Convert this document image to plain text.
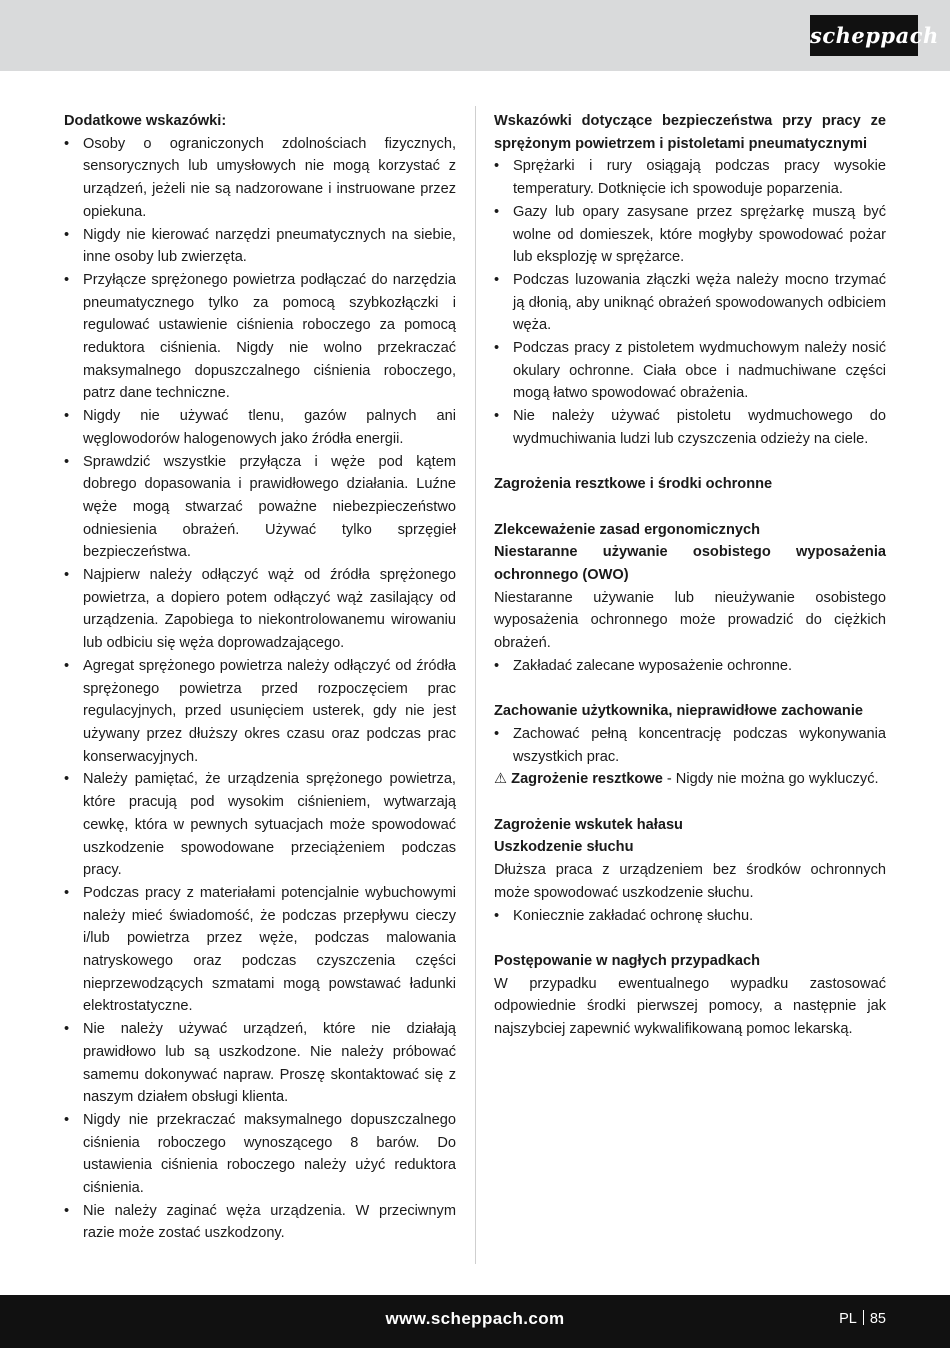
scheppach

Dodatkowe wskazówki:

• Osoby o ograniczonych zdolnościach fizycznych, sensorycznych lub umysłowych nie mogą korzystać z urządzeń, jeżeli nie są nadzorowane i instruowane przez opiekuna.
• Nigdy nie kierować narzędzi pneumatycznych na siebie, inne osoby lub zwierzęta.
• Przyłącze sprężonego powietrza podłączać do narzędzia pneumatycznego tylko za pomocą szybkozłączki i regulować ustawienie ciśnienia roboczego za pomocą reduktora ciśnienia. Nigdy nie wolno przekraczać maksymalnego dopuszczalnego ciśnienia roboczego, patrz dane techniczne.
• Nigdy nie używać tlenu, gazów palnych ani węglowodorów halogenowych jako źródła energii.
• Sprawdzić wszystkie przyłącza i węże pod kątem dobrego dopasowania i prawidłowego działania. Luźne węże mogą stwarzać poważne niebezpieczeństwo odniesienia obrażeń. Używać tylko sprzęgieł bezpieczeństwa.
• Najpierw należy odłączyć wąż od źródła sprężonego powietrza, a dopiero potem odłączyć wąż zasilający od urządzenia. Zapobiega to niekontrolowanemu wirowaniu lub odbiciu się węża doprowadzającego.
• Agregat sprężonego powietrza należy odłączyć od źródła sprężonego powietrza przed rozpoczęciem prac regulacyjnych, przed usunięciem usterek, gdy nie jest używany przez dłuższy okres czasu oraz podczas prac konserwacyjnych.
• Należy pamiętać, że urządzenia sprężonego powietrza, które pracują pod wysokim ciśnieniem, wytwarzają cewkę, która w pewnych sytuacjach może spowodować uszkodzenie spowodowane przeciążeniem podczas pracy.
• Podczas pracy z materiałami potencjalnie wybuchowymi należy mieć świadomość, że podczas przepływu cieczy i/lub powietrza przez węże, podczas malowania natryskowego oraz podczas czyszczenia części nieprzewodzących szmatami mogą powstawać ładunki elektrostatyczne.
• Nie należy używać urządzeń, które nie działają prawidłowo lub są uszkodzone. Nie należy próbować samemu dokonywać napraw. Proszę skontaktować się z naszym działem obsługi klienta.
• Nigdy nie przekraczać maksymalnego dopuszczalnego ciśnienia roboczego wynoszącego 8 barów. Do ustawienia ciśnienia roboczego należy użyć reduktora ciśnienia.
• Nie należy zaginać węża urządzenia. W przeciwnym razie może zostać uszkodzony.

Wskazówki dotyczące bezpieczeństwa przy pracy ze sprężonym powietrzem i pistoletami pneumatycznymi

• Sprężarki i rury osiągają podczas pracy wysokie temperatury. Dotknięcie ich spowoduje poparzenia.
• Gazy lub opary zasysane przez sprężarkę muszą być wolne od domieszek, które mogłyby spowodować pożar lub eksplozję w sprężarce.
• Podczas luzowania złączki węża należy mocno trzymać ją dłonią, aby uniknąć obrażeń spowodowanych odbiciem węża.
• Podczas pracy z pistoletem wydmuchowym należy nosić okulary ochronne. Ciała obce i nadmuchiwane części mogą łatwo spowodować obrażenia.
• Nie należy używać pistoletu wydmuchowego do wydmuchiwania ludzi lub czyszczenia odzieży na ciele.

Zagrożenia resztkowe i środki ochronne

Zlekceważenie zasad ergonomicznych

Niestaranne używanie osobistego wyposażenia ochronnego (OWO)

Niestaranne używanie lub nieużywanie osobistego wyposażenia ochronnego może prowadzić do ciężkich obrażeń.

• Zakładać zalecane wyposażenie ochronne.

Zachowanie użytkownika, nieprawidłowe zachowanie

• Zachować pełną koncentrację podczas wykonywania wszystkich prac.

⚠ Zagrożenie resztkowe - Nigdy nie można go wykluczyć.

Zagrożenie wskutek hałasu

Uszkodzenie słuchu

Dłuższa praca z urządzeniem bez środków ochronnych może spowodować uszkodzenie słuchu.

• Koniecznie zakładać ochronę słuchu.

Postępowanie w nagłych przypadkach

W przypadku ewentualnego wypadku zastosować odpowiednie środki pierwszej pomocy, a następnie jak najszybciej zapewnić wykwalifikowaną pomoc lekarską.

www.scheppach.com	PL 85
